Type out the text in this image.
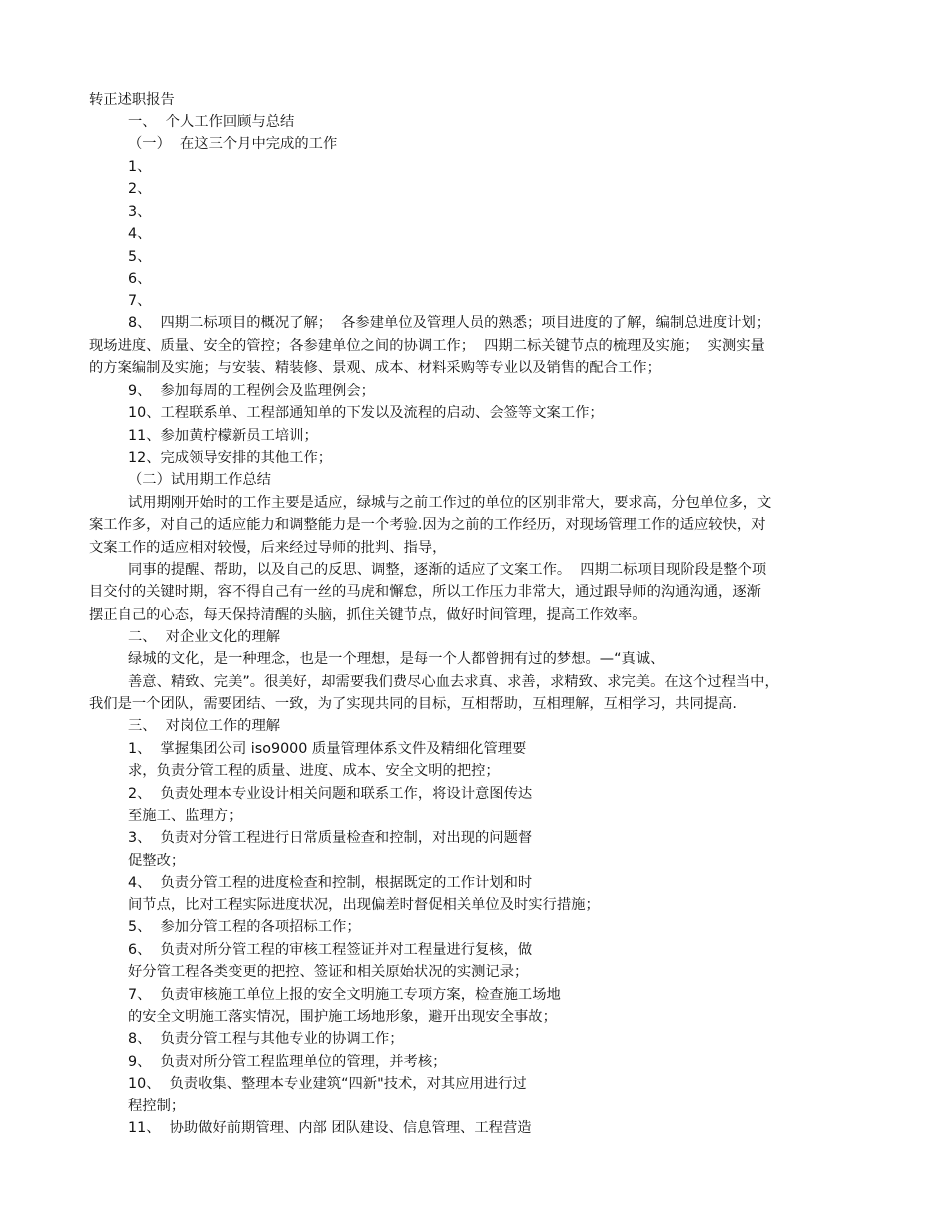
转正述职报告
一、  个人工作回顾与总结
（一）  在这三个月中完成的工作
1、
2、
3、
4、
5、
6、
7、
8、  四期二标项目的概况了解；  各参建单位及管理人员的熟悉；项目进度的了解，编制总进度计划；
现场进度、质量、安全的管控；各参建单位之间的协调工作；  四期二标关键节点的梳理及实施；  实测实量
的方案编制及实施；与安装、精装修、景观、成本、材料采购等专业以及销售的配合工作；
9、  参加每周的工程例会及监理例会；
10、工程联系单、工程部通知单的下发以及流程的启动、会签等文案工作；
11、参加黄柠檬新员工培训；
12、完成领导安排的其他工作；
（二）试用期工作总结
试用期刚开始时的工作主要是适应，绿城与之前工作过的单位的区别非常大，要求高，分包单位多，文
案工作多，对自己的适应能力和调整能力是一个考验.因为之前的工作经历，对现场管理工作的适应较快，对
文案工作的适应相对较慢，后来经过导师的批判、指导，
同事的提醒、帮助，以及自己的反思、调整，逐渐的适应了文案工作。  四期二标项目现阶段是整个项
目交付的关键时期，容不得自己有一丝的马虎和懈怠，所以工作压力非常大，通过跟导师的沟通沟通，逐渐
摆正自己的心态，每天保持清醒的头脑，抓住关键节点，做好时间管理，提高工作效率。
二、  对企业文化的理解
绿城的文化，是一种理念，也是一个理想，是每一个人都曾拥有过的梦想。—“真诚、
善意、精致、完美”。很美好，却需要我们费尽心血去求真、求善，求精致、求完美。在这个过程当中，
我们是一个团队，需要团结、一致，为了实现共同的目标，互相帮助，互相理解，互相学习，共同提高.
三、  对岗位工作的理解
1、  掌握集团公司 iso9000 质量管理体系文件及精细化管理要
求，负责分管工程的质量、进度、成本、安全文明的把控；
2、  负责处理本专业设计相关问题和联系工作，将设计意图传达
至施工、监理方；
3、  负责对分管工程进行日常质量检查和控制，对出现的问题督
促整改；
4、  负责分管工程的进度检查和控制，根据既定的工作计划和时
间节点，比对工程实际进度状况，出现偏差时督促相关单位及时实行措施；
5、  参加分管工程的各项招标工作；
6、  负责对所分管工程的审核工程签证并对工程量进行复核，做
好分管工程各类变更的把控、签证和相关原始状况的实测记录；
7、  负责审核施工单位上报的安全文明施工专项方案，检查施工场地
的安全文明施工落实情况，围护施工场地形象，避开出现安全事故；
8、  负责分管工程与其他专业的协调工作；
9、  负责对所分管工程监理单位的管理，并考核；
10、  负责收集、整理本专业建筑“四新"技术，对其应用进行过
程控制；
11、  协助做好前期管理、内部 团队建设、信息管理、工程营造
